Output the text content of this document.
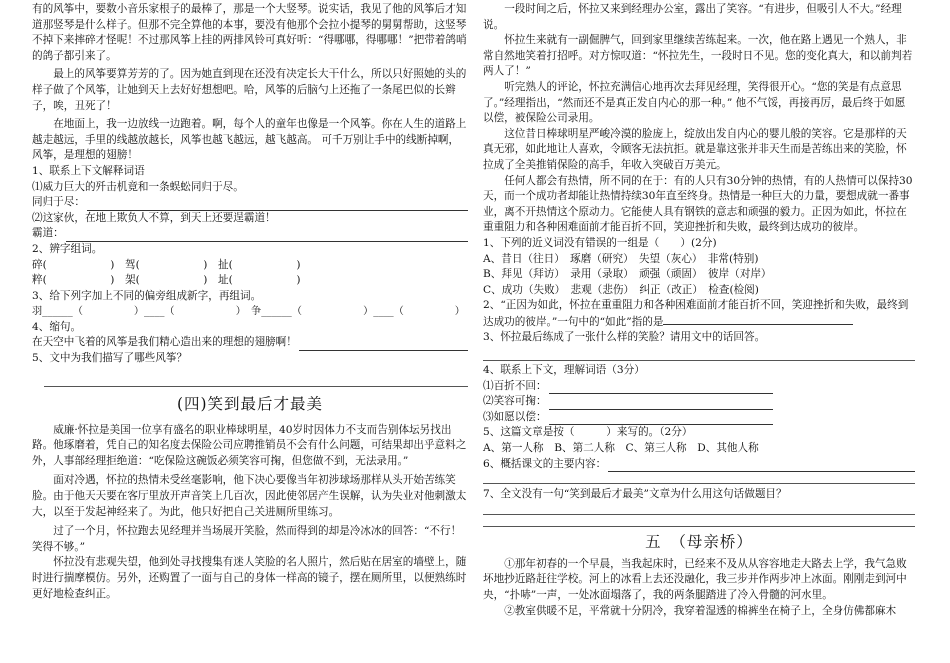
有的风筝中，要数小音乐家根子的最棒了，那是一个大竖琴。说实话，我见了他的风筝后才知道那竖琴是什么样子。但那不完全算他的本事，要没有他那个会拉小提琴的舅舅帮助，这竖琴不掉下来摔碎才怪呢！不过那风筝上挂的两排风铃可真好听：“得哪哪，得哪哪！”把带着鸽哨的鸽子都引来了。

最上的风筝要算芳芳的了。因为她直到现在还没有决定长大干什么，所以只好照她的头的样子做了个风筝，让她到天上去好好想想吧。哈，风筝的后脑勺上还拖了一条尾巴似的长辫子，唉，丑死了！

在地面上，我一边放线一边跑着。啊，每个人的童年也像是一个风筝。你在人生的道路上越走越远，手里的线越放越长，风筝也越飞越远，越飞越高。 可千万别让手中的线断掉啊，风筝，是理想的翅膀！

1、联系上下文解释词语

⑴威力巨大的歼击机竟和一条蜈蚣同归于尽。

同归于尽：

⑵这家伙，在地上欺负人不算，到天上还要逞霸道！

霸道：

2、辨字组词。

碎(　　　　　　)　驾(　　　　　　)　扯(　　　　　　)

粹(　　　　　　)　架(　　　　　　)　址(　　　　　　)

3、给下列字加上不同的偏旁组成新字，再组词。

羽______（　　　　　）____（　　　　　　）　争______（　　　　　　）____（　　　　　）

4、缩句。

在天空中飞着的风筝是我们精心造出来的理想的翅膀啊！

5、文中为我们描写了哪些风筝？

(四)笑到最后才最美

威廉·怀拉是美国一位享有盛名的职业棒球明星，40岁时因体力不支而告别体坛另找出路。他琢磨着，凭自己的知名度去保险公司应聘推销员不会有什么问题，可结果却出乎意料之外，人事部经理拒绝道：“吃保险这碗饭必须笑容可掬，但您做不到，无法录用。”

面对冷遇，怀拉的热情未受丝毫影响，他下决心要像当年初涉球场那样从头开始苦练笑脸。由于他天天要在客厅里放开声音笑上几百次，因此使邻居产生误解，认为失业对他刺激太大，以至于发起神经来了。为此，他只好把自己关进厕所里练习。

过了一个月，怀拉跑去见经理并当场展开笑脸，然而得到的却是冷冰冰的回答：“不行！笑得不够。”

怀拉没有悲观失望，他到处寻找搜集有迷人笑脸的名人照片，然后贴在居室的墙壁上，随时进行揣摩模仿。另外，还购置了一面与自己的身体一样高的镜子，摆在厕所里，以便熟练时更好地检查纠正。

一段时间之后，怀拉又来到经理办公室，露出了笑容。“有进步，但吸引人不大。”经理说。

怀拉生来就有一副倔脾气，回到家里继续苦练起来。一次，他在路上遇见一个熟人，非常自然地笑着打招呼。对方惊叹道：“怀拉先生，一段时日不见。您的变化真大，和以前判若两人了！”

听完熟人的评论，怀拉充满信心地再次去拜见经理，笑得很开心。“您的笑是有点意思了。”经理指出，“然而还不是真正发自内心的那一种。” 他不气馁，再接再厉，最后终于如愿以偿，被保险公司录用。

这位昔日棒球明星严峻冷漠的脸庞上，绽放出发自内心的婴儿般的笑容。它是那样的天真无邪，如此地让人喜欢，令顾客无法抗拒。就是靠这张并非天生而是苦练出来的笑脸，怀拉成了全美推销保险的高手，年收入突破百万美元。

任何人都会有热情，所不同的在于：有的人只有30分钟的热情，有的人热情可以保持30天，而一个成功者却能让热情持续30年直至终身。热情是一种巨大的力量，要想成就一番事业，离不开热情这个原动力。它能使人具有钢铁的意志和顽强的毅力。正因为如此，怀拉在重重阻力和各种困难面前才能百折不回，笑迎挫折和失败，最终到达成功的彼岸。

1、下列的近义词没有错误的一组是（　　）(2分)

A、昔日（往日）　琢磨（研究）　失望（灰心）　非常(特别)

B、拜见（拜访）　录用（录取）　顽强（顽固）　彼岸（对岸）

C、成功（失败）　悲观（悲伤）　纠正（改正）　检查(检阅)

2、“正因为如此，怀拉在重重阻力和各种困难面前才能百折不回，笑迎挫折和失败，最终到达成功的彼岸。”一句中的“如此”指的是

3、怀拉最后练成了一张什么样的笑脸？请用文中的话回答。

4、联系上下文，理解词语（3分）

⑴百折不回：
⑵笑容可掬：
⑶如愿以偿：

5、这篇文章是按（　　　）来写的。（2分）

A、第一人称　B、第二人称　C、第三人称　D、其他人称

6、概括课文的主要内容：

7、全文没有一句“笑到最后才最美”文章为什么用这句话做题目？

五　（母亲桥）

①那年初春的一个早晨，当我起床时，已经来不及从从容容地走大路去上学，我气急败坏地抄近路赶往学校。河上的冰看上去还没融化，我三步并作两步冲上冰面。刚刚走到河中央，“扑哧”一声，一处冰面塌落了，我的两条腿踏进了冷入骨髓的河水里。

②教室供暖不足，平常就十分阴冷，我穿着湿透的棉裤坐在椅子上，全身仿佛都麻木
